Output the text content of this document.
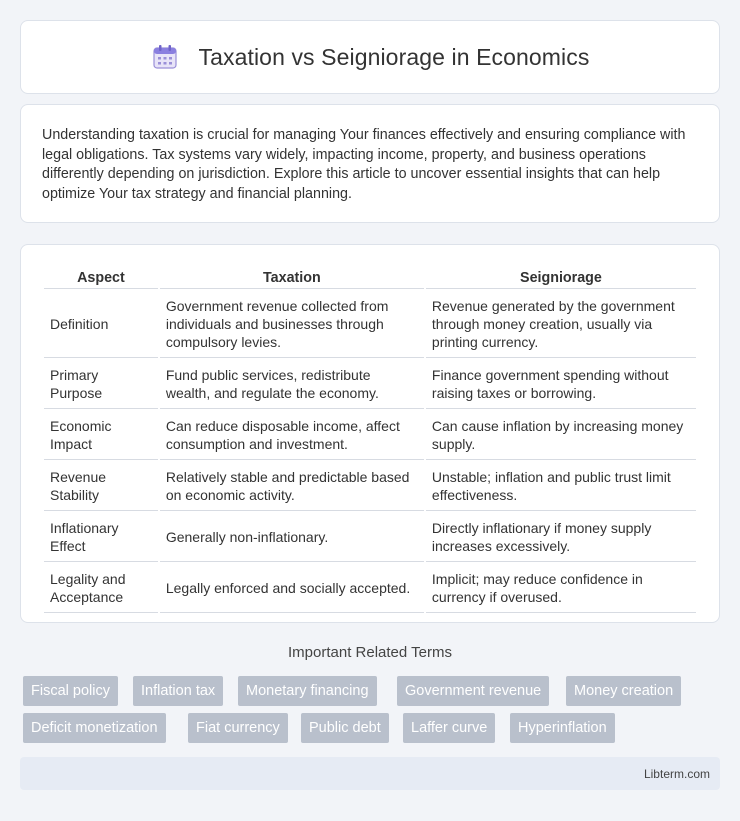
Taxation vs Seigniorage in Economics

Understanding taxation is crucial for managing Your finances effectively and ensuring compliance with legal obligations. Tax systems vary widely, impacting income, property, and business operations differently depending on jurisdiction. Explore this article to uncover essential insights that can help optimize Your tax strategy and financial planning.

Aspect	Taxation	Seigniorage
Definition	Government revenue collected from individuals and businesses through compulsory levies.	Revenue generated by the government through money creation, usually via printing currency.
Primary Purpose	Fund public services, redistribute wealth, and regulate the economy.	Finance government spending without raising taxes or borrowing.
Economic Impact	Can reduce disposable income, affect consumption and investment.	Can cause inflation by increasing money supply.
Revenue Stability	Relatively stable and predictable based on economic activity.	Unstable; inflation and public trust limit effectiveness.
Inflationary Effect	Generally non-inflationary.	Directly inflationary if money supply increases excessively.
Legality and Acceptance	Legally enforced and socially accepted.	Implicit; may reduce confidence in currency if overused.
Important Related Terms
Fiscal policy	Inflation tax	Monetary financing	Government revenue	Money creation
Deficit monetization	Fiat currency	Public debt	Laffer curve	Hyperinflation
Libterm.com
